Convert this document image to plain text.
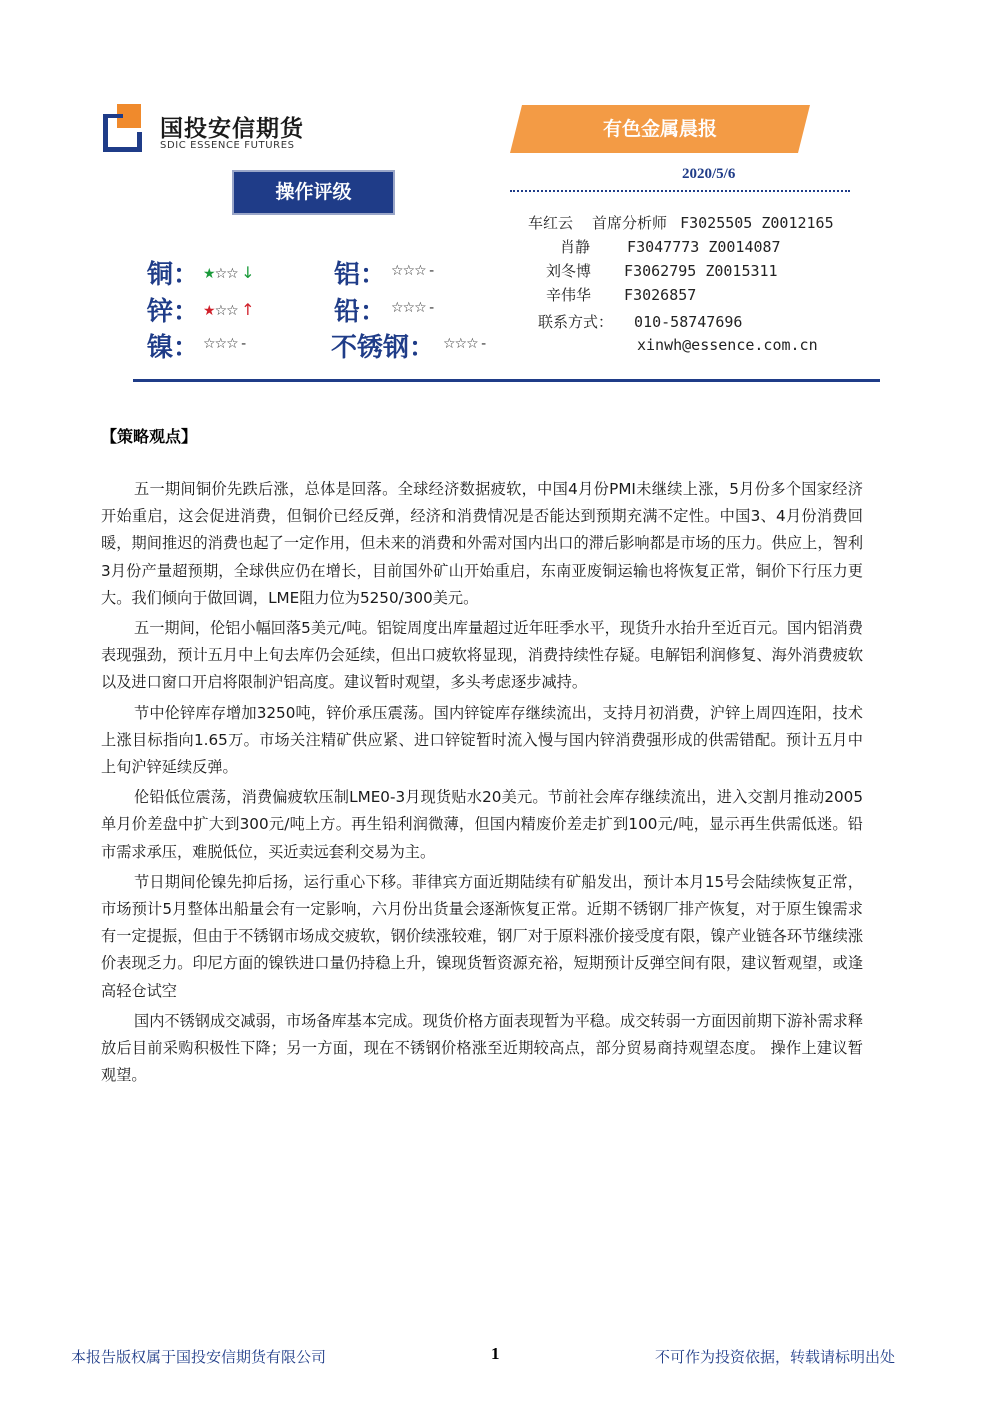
国投安信期货
SDIC ESSENCE FUTURES
有色金属晨报
操作评级
2020/5/6
车红云 首席分析师 F3025505 Z0012165
肖静 F3047773 Z0014087
刘冬博 F3062795 Z0015311
辛伟华 F3026857
联系方式： 010-58747696
xinwh@essence.com.cn
铜： ★☆☆ ↓	铝： ☆☆☆ -
锌： ★☆☆ ↑	铅： ☆☆☆ -
镍： ☆☆☆ -	不锈钢： ☆☆☆ -
【策略观点】

五一期间铜价先跌后涨，总体是回落。全球经济数据疲软，中国4月份PMI未继续上涨，5月份多个国家经济开始重启，这会促进消费，但铜价已经反弹，经济和消费情况是否能达到预期充满不定性。中国3、4月份消费回暖，期间推迟的消费也起了一定作用，但未来的消费和外需对国内出口的滞后影响都是市场的压力。供应上，智利3月份产量超预期，全球供应仍在增长，目前国外矿山开始重启，东南亚废铜运输也将恢复正常，铜价下行压力更大。我们倾向于做回调，LME阻力位为5250/300美元。

五一期间，伦铝小幅回落5美元/吨。铝锭周度出库量超过近年旺季水平，现货升水抬升至近百元。国内铝消费表现强劲，预计五月中上旬去库仍会延续，但出口疲软将显现，消费持续性存疑。电解铝利润修复、海外消费疲软以及进口窗口开启将限制沪铝高度。建议暂时观望，多头考虑逐步减持。

节中伦锌库存增加3250吨，锌价承压震荡。国内锌锭库存继续流出，支持月初消费，沪锌上周四连阳，技术上涨目标指向1.65万。市场关注精矿供应紧、进口锌锭暂时流入慢与国内锌消费强形成的供需错配。预计五月中上旬沪锌延续反弹。

伦铅低位震荡，消费偏疲软压制LME0-3月现货贴水20美元。节前社会库存继续流出，进入交割月推动2005单月价差盘中扩大到300元/吨上方。再生铅利润微薄，但国内精废价差走扩到100元/吨，显示再生供需低迷。铅市需求承压，难脱低位，买近卖远套利交易为主。

节日期间伦镍先抑后扬，运行重心下移。菲律宾方面近期陆续有矿船发出，预计本月15号会陆续恢复正常，市场预计5月整体出船量会有一定影响，六月份出货量会逐渐恢复正常。近期不锈钢厂排产恢复，对于原生镍需求有一定提振，但由于不锈钢市场成交疲软，钢价续涨较难，钢厂对于原料涨价接受度有限，镍产业链各环节继续涨价表现乏力。印尼方面的镍铁进口量仍持稳上升，镍现货暂资源充裕，短期预计反弹空间有限，建议暂观望，或逢高轻仓试空

国内不锈钢成交减弱，市场备库基本完成。现货价格方面表现暂为平稳。成交转弱一方面因前期下游补需求释放后目前采购积极性下降；另一方面，现在不锈钢价格涨至近期较高点，部分贸易商持观望态度。 操作上建议暂观望。

本报告版权属于国投安信期货有限公司	1	不可作为投资依据，转载请标明出处
